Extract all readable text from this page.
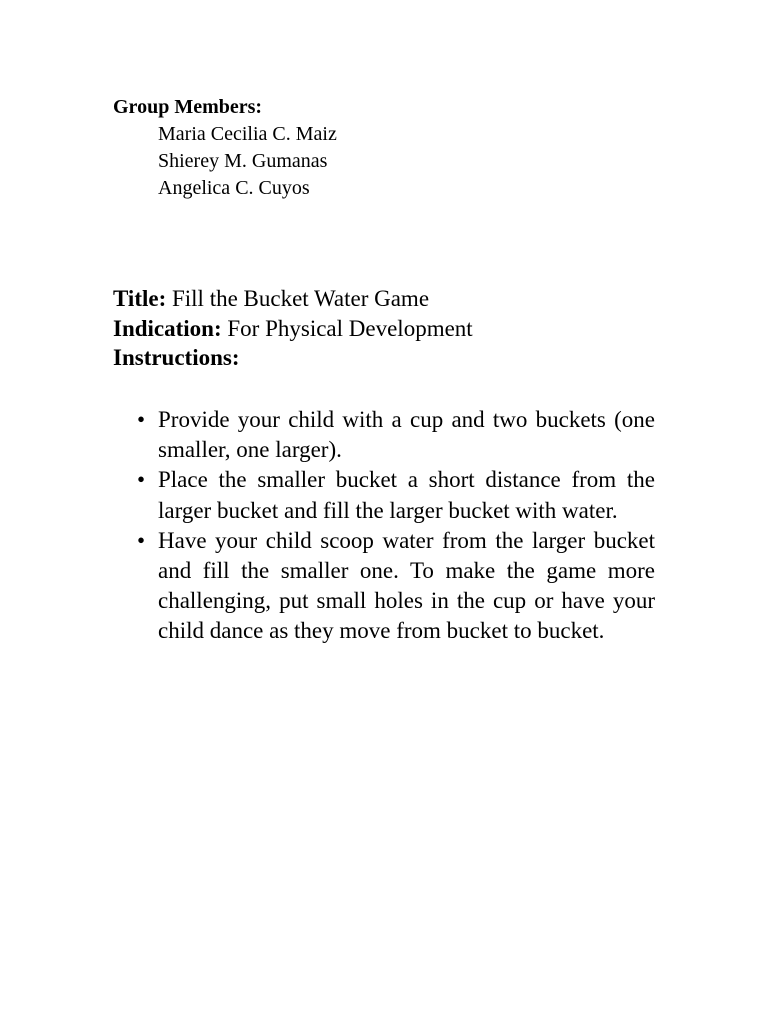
Group Members:

Maria Cecilia C. Maiz
Shierey M. Gumanas
Angelica C. Cuyos
Title: Fill the Bucket Water Game
Indication: For Physical Development
Instructions:
• Provide your child with a cup and two buckets (one smaller, one larger).
• Place the smaller bucket a short distance from the larger bucket and fill the larger bucket with water.
• Have your child scoop water from the larger bucket and fill the smaller one. To make the game more challenging, put small holes in the cup or have your child dance as they move from bucket to bucket.
